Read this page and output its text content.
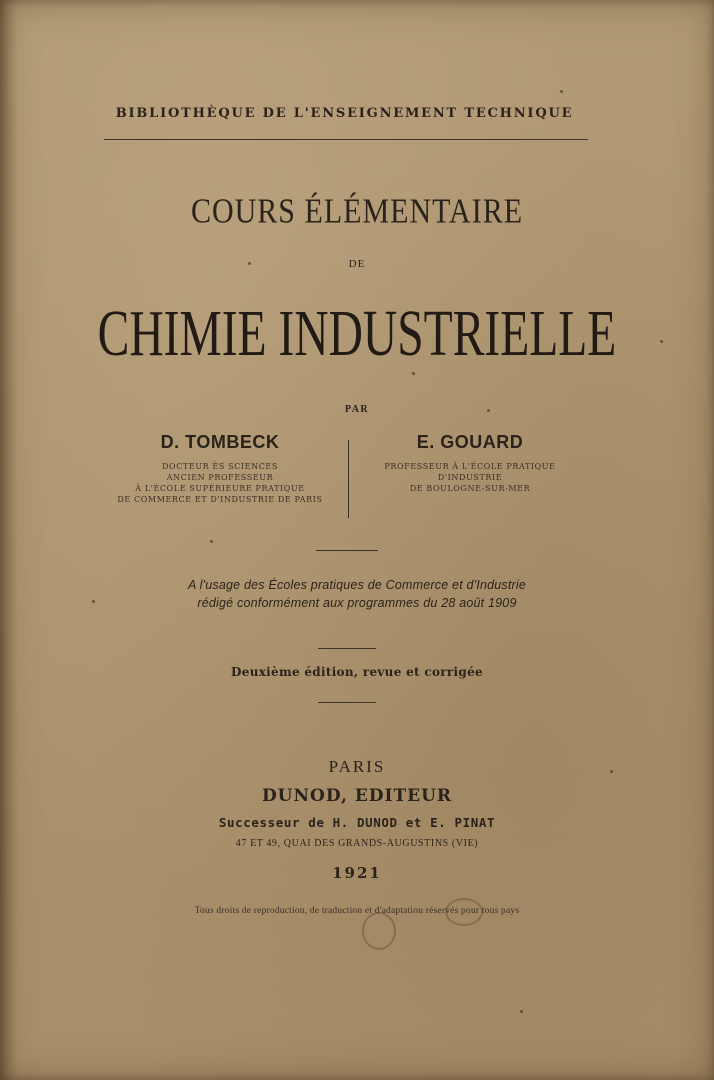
BIBLIOTHÈQUE DE L'ENSEIGNEMENT TECHNIQUE
COURS ÉLÉMENTAIRE
DE
CHIMIE INDUSTRIELLE
PAR
D. TOMBECK
DOCTEUR ÈS SCIENCES
ANCIEN PROFESSEUR
À L'ÉCOLE SUPÉRIEURE PRATIQUE
DE COMMERCE ET D'INDUSTRIE DE PARIS
E. GOUARD
PROFESSEUR À L'ÉCOLE PRATIQUE
D'INDUSTRIE
DE BOULOGNE-SUR-MER
A l'usage des Écoles pratiques de Commerce et d'Industrie
rédigé conformément aux programmes du 28 août 1909
Deuxième édition, revue et corrigée
PARIS
DUNOD, EDITEUR
Successeur de H. DUNOD et E. PINAT
47 ET 49, QUAI DES GRANDS-AUGUSTINS (VIE)
1921
Tous droits de reproduction, de traduction et d'adaptation réservés pour tous pays
